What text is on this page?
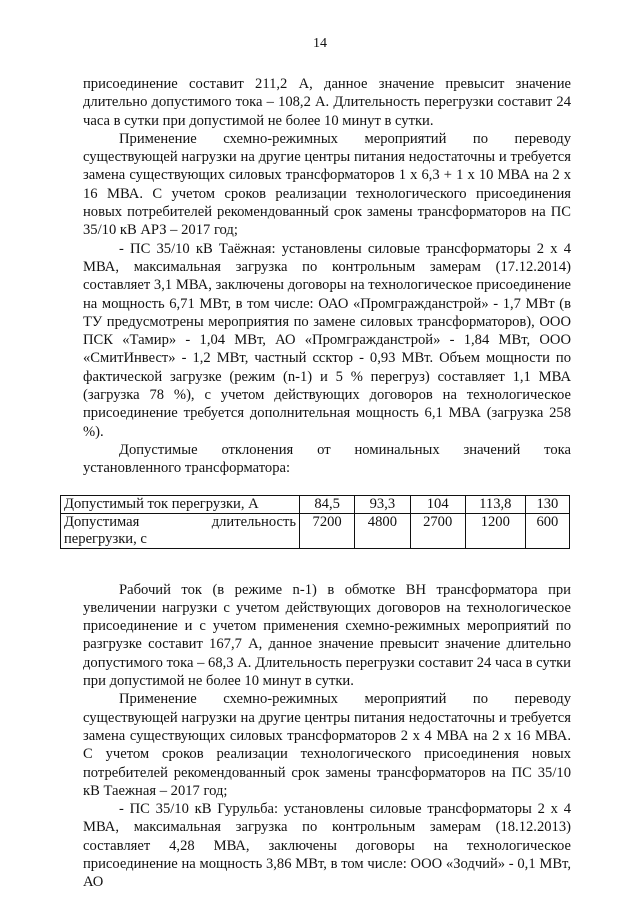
14

присоединение составит 211,2 А, данное значение превысит значение длительно допустимого тока – 108,2 А. Длительность перегрузки составит 24 часа в сутки при допустимой не более 10 минут в сутки.

Применение схемно-режимных мероприятий по переводу существующей нагрузки на другие центры питания недостаточны и требуется замена существующих силовых трансформаторов 1 х 6,3 + 1 х 10 МВА на 2 х 16 МВА. С учетом сроков реализации технологического присоединения новых потребителей рекомендованный срок замены трансформаторов на ПС 35/10 кВ АРЗ – 2017 год;

- ПС 35/10 кВ Таёжная: установлены силовые трансформаторы 2 х 4 МВА, максимальная загрузка по контрольным замерам (17.12.2014) составляет 3,1 МВА, заключены договоры на технологическое присоединение на мощность 6,71 МВт, в том числе: ОАО «Промгражданстрой» - 1,7 МВт (в ТУ предусмотрены мероприятия по замене силовых трансформаторов), ООО ПСК «Тамир» - 1,04 МВт, АО «Промгражданстрой» - 1,84 МВт, ООО «СмитИнвест» - 1,2 МВт, частный ссктор - 0,93 МВт. Объем мощности по фактической загрузке (режим (n-1) и 5 % перегруз) составляет 1,1 МВА (загрузка 78 %), с учетом действующих договоров на технологическое присоединение требуется дополнительная мощность 6,1 МВА (загрузка 258 %).

Допустимые отклонения от номинальных значений тока установленного трансформатора:

Допустимый ток перегрузки, А	84,5	93,3	104	113,8	130
Допустимая длительность перегрузки, с	7200	4800	2700	1200	600

Рабочий ток (в режиме n-1) в обмотке ВН трансформатора при увеличении нагрузки с учетом действующих договоров на технологическое присоединение и с учетом применения схемно-режимных мероприятий по разгрузке составит 167,7 А, данное значение превысит значение длительно допустимого тока – 68,3 А. Длительность перегрузки составит 24 часа в сутки при допустимой не более 10 минут в сутки.

Применение схемно-режимных мероприятий по переводу существующей нагрузки на другие центры питания недостаточны и требуется замена существующих силовых трансформаторов 2 х 4 МВА на 2 х 16 МВА. С учетом сроков реализации технологического присоединения новых потребителей рекомендованный срок замены трансформаторов на ПС 35/10 кВ Таежная – 2017 год;

- ПС 35/10 кВ Гурульба: установлены силовые трансформаторы 2 х 4 МВА, максимальная загрузка по контрольным замерам (18.12.2013) составляет 4,28 МВА, заключены договоры на технологическое присоединение на мощность 3,86 МВт, в том числе: ООО «Зодчий» - 0,1 МВт, АО
